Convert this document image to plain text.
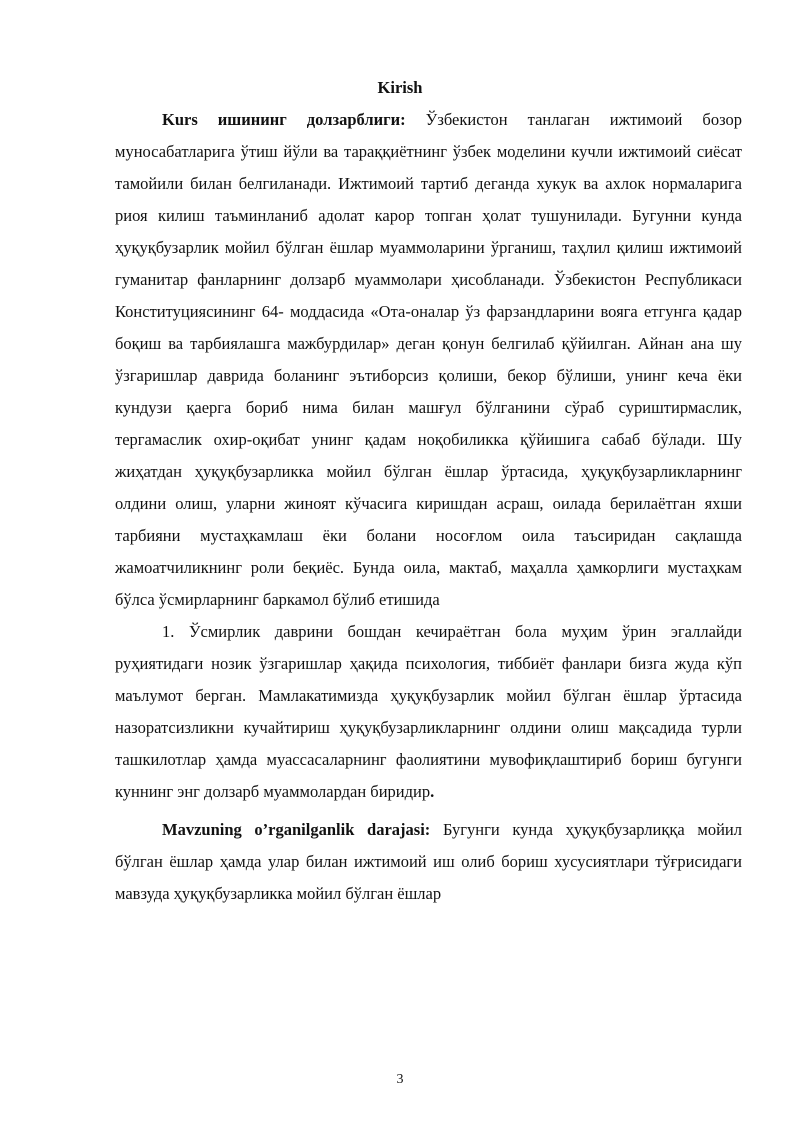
Kirish

Kurs ишининг долзарблиги: Ўзбекистон танлаган ижтимоий бозор муносабатларига ўтиш йўли ва тараққиётнинг ўзбек моделини кучли ижтимоий сиёсат тамойили билан белгиланади. Ижтимоий тартиб деганда хукук ва ахлок нормаларига риоя килиш таъминланиб адолат карор топган ҳолат тушунилади. Бугунни кунда ҳуқуқбузарлик мойил бўлган ёшлар муаммоларини ўрганиш, таҳлил қилиш ижтимоий гуманитар фанларнинг долзарб муаммолари ҳисобланади. Ўзбекистон Республикаси Конституциясининг 64- моддасида «Ота-оналар ўз фарзандларини вояга етгунга қадар боқиш ва тарбиялашга мажбурдилар» деган қонун белгилаб қўйилган. Айнан ана шу ўзгаришлар даврида боланинг эътиборсиз қолиши, бекор бўлиши, унинг кеча ёки кундузи қаерга бориб нима билан машғул бўлганини сўраб суриштирмаслик, тергамаслик охир-оқибат унинг қадам ноқобиликка қўйишига сабаб бўлади. Шу жиҳатдан ҳуқуқбузарликка мойил бўлган ёшлар ўртасида, ҳуқуқбузарликларнинг олдини олиш, уларни жиноят кўчасига киришдан асраш, оилада берилаётган яхши тарбияни мустаҳкамлаш ёки болани носоғлом оила таъсиридан сақлашда жамоатчиликнинг роли беқиёс. Бунда оила, мактаб, маҳалла ҳамкорлиги мустаҳкам бўлса ўсмирларнинг баркамол бўлиб етишида

1. Ўсмирлик даврини бошдан кечираётган бола муҳим ўрин эгаллайди руҳиятидаги нозик ўзгаришлар ҳақида психология, тиббиёт фанлари бизга жуда кўп маълумот берган. Мамлакатимизда ҳуқуқбузарлик мойил бўлган ёшлар ўртасида назоратсизликни кучайтириш ҳуқуқбузарликларнинг олдини олиш мақсадида турли ташкилотлар ҳамда муассасаларнинг фаолиятини мувофиқлаштириб бориш бугунги куннинг энг долзарб муаммолардан биридир.

Mavzuning o’rganilganlik darajasi: Бугунги кунда ҳуқуқбузарлиққа мойил бўлган ёшлар ҳамда улар билан ижтимоий иш олиб бориш хусусиятлари тўғрисидаги мавзуда ҳуқуқбузарликка мойил бўлган ёшлар

3
